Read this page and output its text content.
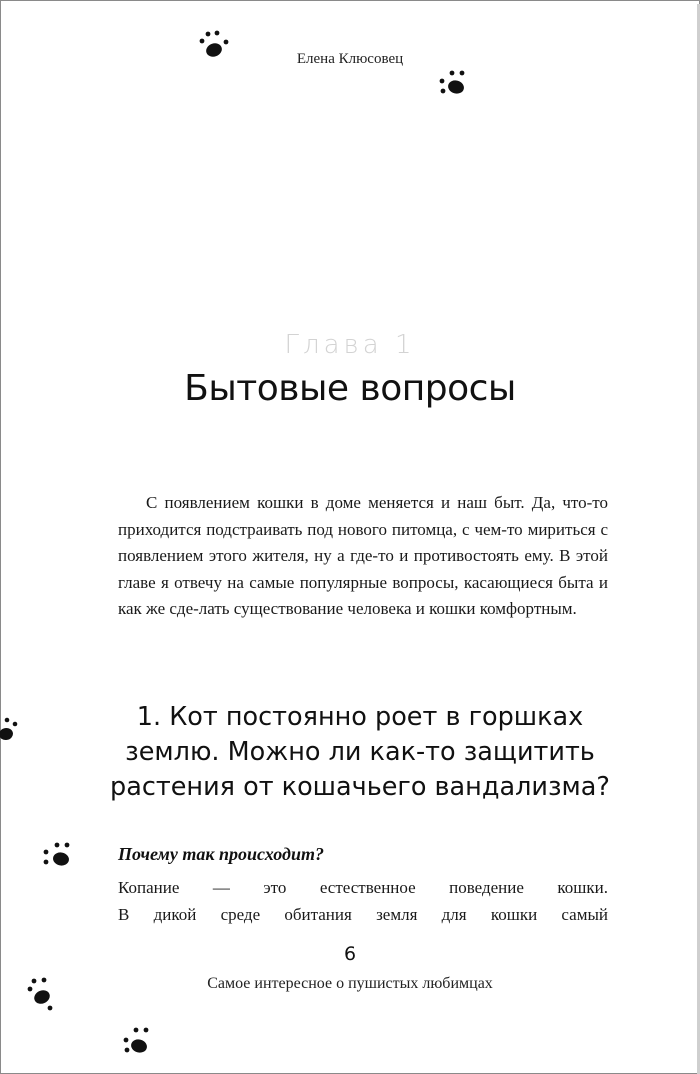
Елена Клюсовец
Глава 1
Бытовые вопросы

С появлением кошки в доме меняется и наш быт. Да, что-то приходится подстраивать под нового питомца, с чем-то мириться с появлением этого жителя, ну а где-то и противостоять ему. В этой главе я отвечу на самые популярные вопросы, касающиеся быта и как же сде-лать существование человека и кошки комфортным.

1. Кот постоянно роет в горшках
землю. Можно ли как-то защитить
растения от кошачьего вандализма?

Почему так происходит?
Копание — это естественное поведение кошки.
В дикой среде обитания земля для кошки самый
6
Самое интересное о пушистых любимцах
